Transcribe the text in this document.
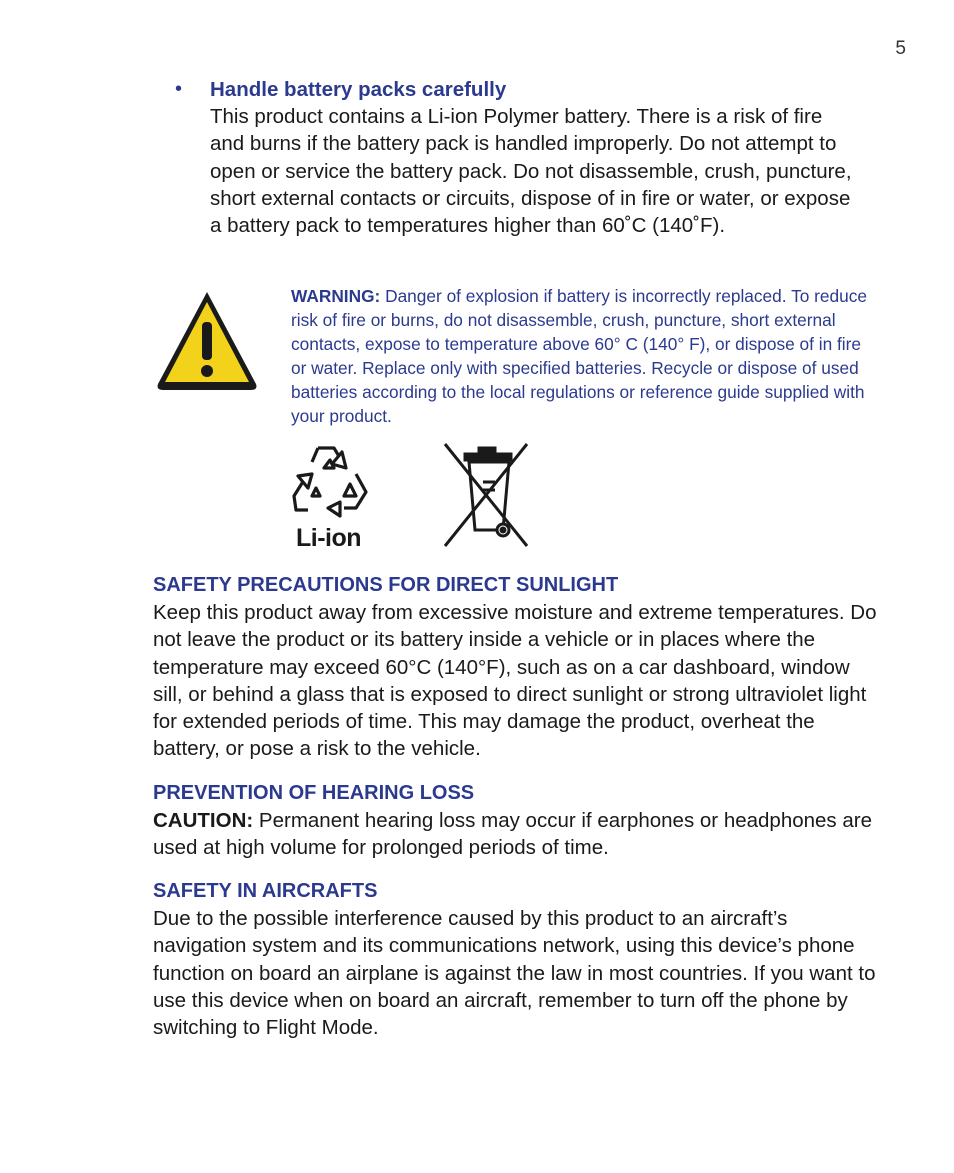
5
• Handle battery packs carefully

This product contains a Li-ion Polymer battery. There is a risk of fire and burns if the battery pack is handled improperly. Do not attempt to open or service the battery pack. Do not disassemble, crush, puncture, short external contacts or circuits, dispose of in fire or water, or expose a battery pack to temperatures higher than 60˚C (140˚F).

WARNING: Danger of explosion if battery is incorrectly replaced. To reduce risk of fire or burns, do not disassemble, crush, puncture, short external contacts, expose to temperature above 60° C (140° F), or dispose of in fire or water. Replace only with specified batteries. Recycle or dispose of used batteries according to the local regulations or reference guide supplied with your product.
Li-ion
SAFETY PRECAUTIONS FOR DIRECT SUNLIGHT

Keep this product away from excessive moisture and extreme temperatures. Do not leave the product or its battery inside a vehicle or in places where the temperature may exceed 60°C (140°F), such as on a car dashboard, window sill, or behind a glass that is exposed to direct sunlight or strong ultraviolet light for extended periods of time. This may damage the product, overheat the battery, or pose a risk to the vehicle.

PREVENTION OF HEARING LOSS

CAUTION: Permanent hearing loss may occur if earphones or headphones are used at high volume for prolonged periods of time.

SAFETY IN AIRCRAFTS

Due to the possible interference caused by this product to an aircraft’s navigation system and its communications network, using this device’s phone function on board an airplane is against the law in most countries. If you want to use this device when on board an aircraft, remember to turn off the phone by switching to Flight Mode.
